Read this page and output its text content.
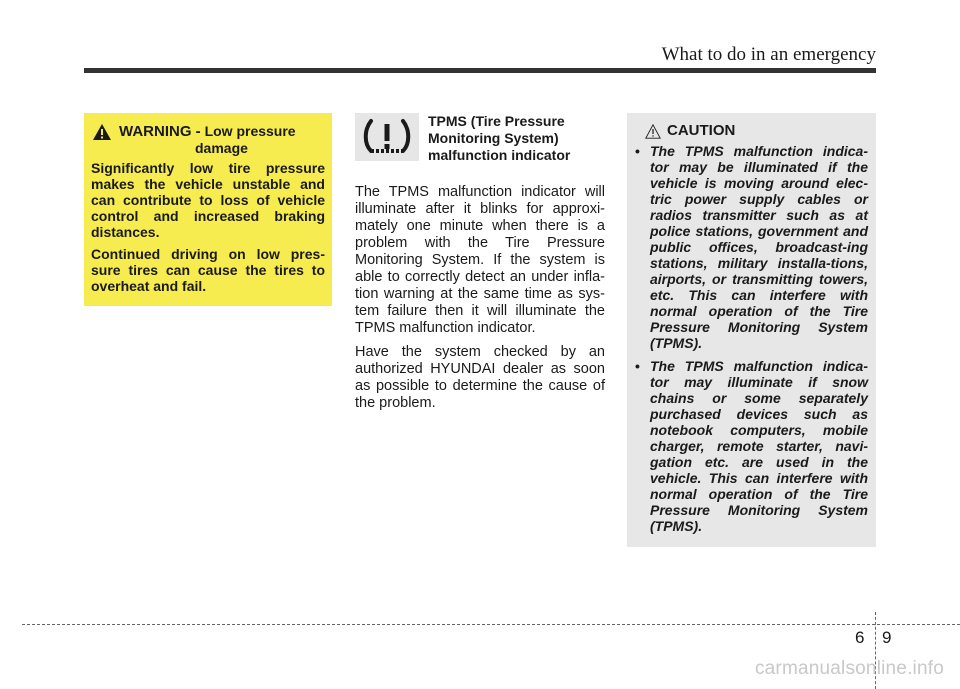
What to do in an emergency
WARNING - Low pressure
damage

Significantly low tire pressure makes the vehicle unstable and can contribute to loss of vehicle control and increased braking distances.

Continued driving on low pres-sure tires can cause the tires to overheat and fail.

TPMS (Tire Pressure
Monitoring System)
malfunction indicator

The TPMS malfunction indicator will illuminate after it blinks for approxi-mately one minute when there is a problem with the Tire Pressure Monitoring System. If the system is able to correctly detect an under infla-tion warning at the same time as sys-tem failure then it will illuminate the TPMS malfunction indicator.

Have the system checked by an authorized HYUNDAI dealer as soon as possible to determine the cause of the problem.

CAUTION
• The TPMS malfunction indica-tor may be illuminated if the vehicle is moving around elec-tric power supply cables or radios transmitter such as at police stations, government and public offices, broadcast-ing stations, military installa-tions, airports, or transmitting towers, etc. This can interfere with normal operation of the Tire Pressure Monitoring System (TPMS).
• The TPMS malfunction indica-tor may illuminate if snow chains or some separately purchased devices such as notebook computers, mobile charger, remote starter, navi-gation etc. are used in the vehicle. This can interfere with normal operation of the Tire Pressure Monitoring System (TPMS).
6 9
carmanualsonline.info
